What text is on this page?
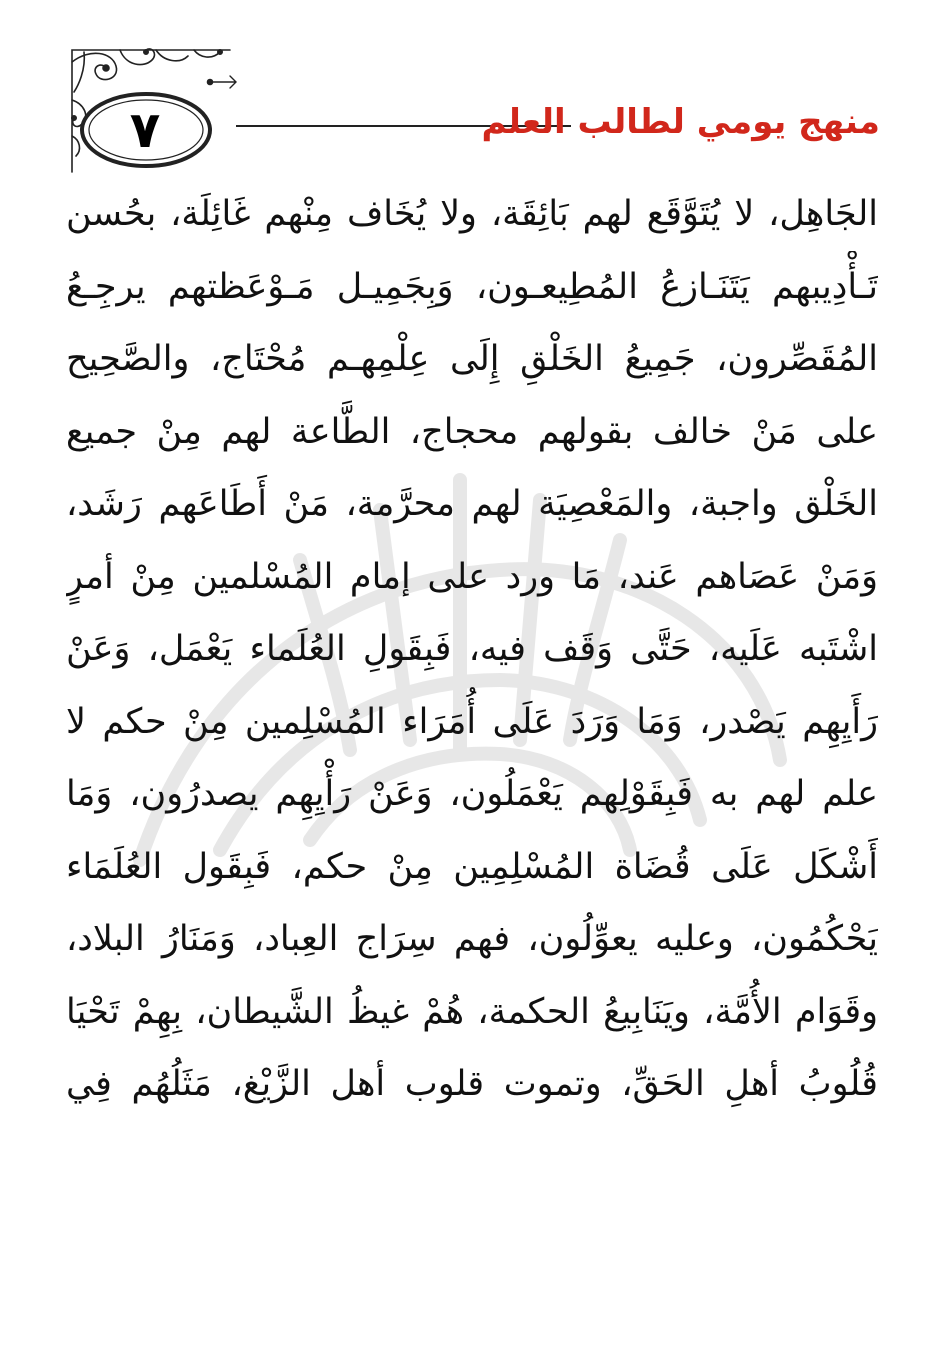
٧	منهج يومي لطالب العلم
الجَاهِل، لا يُتَوَّقَع لهم بَائِقَة، ولا يُخَاف مِنْهم غَائِلَة، بحُسن
تَـأْدِيبهم يَتَنَـازعُ المُطِيعـون، وَبِجَمِيـل مَـوْعَظتهم يرجِـعُ
المُقَصِّرون، جَمِيعُ الخَلْقِ إِلَى عِلْمِهـم مُحْتَاج، والصَّحِيح
على مَنْ خالف بقولهم محجاج، الطَّاعة لهم مِنْ جميع
الخَلْق واجبة، والمَعْصِيَة لهم محرَّمة، مَنْ أَطَاعَهم رَشَد،
وَمَنْ عَصَاهم عَند، مَا ورد على إمام المُسْلمين مِنْ أمرٍ
اشْتَبه عَلَيه، حَتَّى وَقَف فيه، فَبِقَولِ العُلَماء يَعْمَل، وَعَنْ
رَأَيِهِم يَصْدر، وَمَا وَرَدَ عَلَى أُمَرَاء المُسْلِمين مِنْ حكم لا
علم لهم به فَبِقَوْلِهم يَعْمَلُون، وَعَنْ رَأْيِهِم يصدرُون، وَمَا
أَشْكَل عَلَى قُضَاة المُسْلِمِين مِنْ حكم، فَبِقَول العُلَمَاء
يَحْكُمُون، وعليه يعوِّلُون، فهم سِرَاج العِباد، وَمَنَارُ البلاد،
وقَوَام الأُمَّة، ويَنَابِيعُ الحكمة، هُمْ غيظُ الشَّيطان، بِهِمْ تَحْيَا
قُلُوبُ أهلِ الحَقِّ، وتموت قلوب أهل الزَّيْغ، مَثَلُهُم فِي
